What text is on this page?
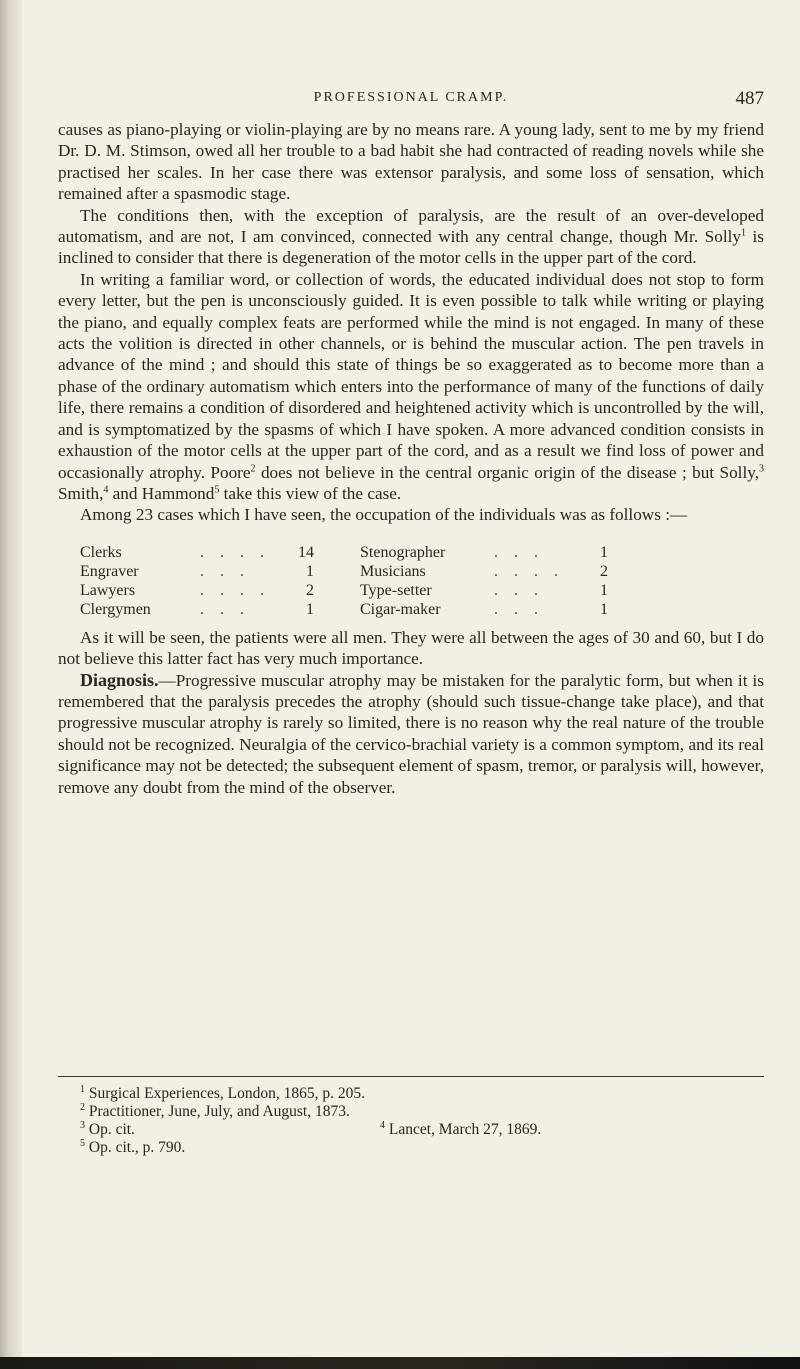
PROFESSIONAL CRAMP.	487

causes as piano-playing or violin-playing are by no means rare. A young lady, sent to me by my friend Dr. D. M. Stimson, owed all her trouble to a bad habit she had contracted of reading novels while she practised her scales. In her case there was extensor paralysis, and some loss of sensation, which remained after a spasmodic stage.

The conditions then, with the exception of paralysis, are the result of an over-developed automatism, and are not, I am convinced, connected with any central change, though Mr. Solly$^1$ is inclined to consider that there is degeneration of the motor cells in the upper part of the cord.

In writing a familiar word, or collection of words, the educated individual does not stop to form every letter, but the pen is unconsciously guided. It is even possible to talk while writing or playing the piano, and equally complex feats are performed while the mind is not engaged. In many of these acts the volition is directed in other channels, or is behind the muscular action. The pen travels in advance of the mind ; and should this state of things be so exaggerated as to become more than a phase of the ordinary automatism which enters into the performance of many of the functions of daily life, there remains a condition of disordered and heightened activity which is uncontrolled by the will, and is symptomatized by the spasms of which I have spoken. A more advanced condition consists in exhaustion of the motor cells at the upper part of the cord, and as a result we find loss of power and occasionally atrophy. Poore$^2$ does not believe in the central organic origin of the disease ; but Solly,$^3$ Smith,$^4$ and Hammond$^5$ take this view of the case.

Among 23 cases which I have seen, the occupation of the individuals was as follows :—

Clerks	. . . .	14	Stenographer	. . .	1
Engraver	. . .	1	Musicians	. . . .	2
Lawyers	. . . .	2	Type-setter	. . .	1
Clergymen	. . .	1	Cigar-maker	. . .	1

As it will be seen, the patients were all men. They were all between the ages of 30 and 60, but I do not believe this latter fact has very much importance.

Diagnosis.—Progressive muscular atrophy may be mistaken for the paralytic form, but when it is remembered that the paralysis precedes the atrophy (should such tissue-change take place), and that progressive muscular atrophy is rarely so limited, there is no reason why the real nature of the trouble should not be recognized. Neuralgia of the cervico-brachial variety is a common symptom, and its real significance may not be detected; the subsequent element of spasm, tremor, or paralysis will, however, remove any doubt from the mind of the observer.

$^1$ Surgical Experiences, London, 1865, p. 205.
$^2$ Practitioner, June, July, and August, 1873.
$^3$ Op. cit.	$^4$ Lancet, March 27, 1869.
$^5$ Op. cit., p. 790.
